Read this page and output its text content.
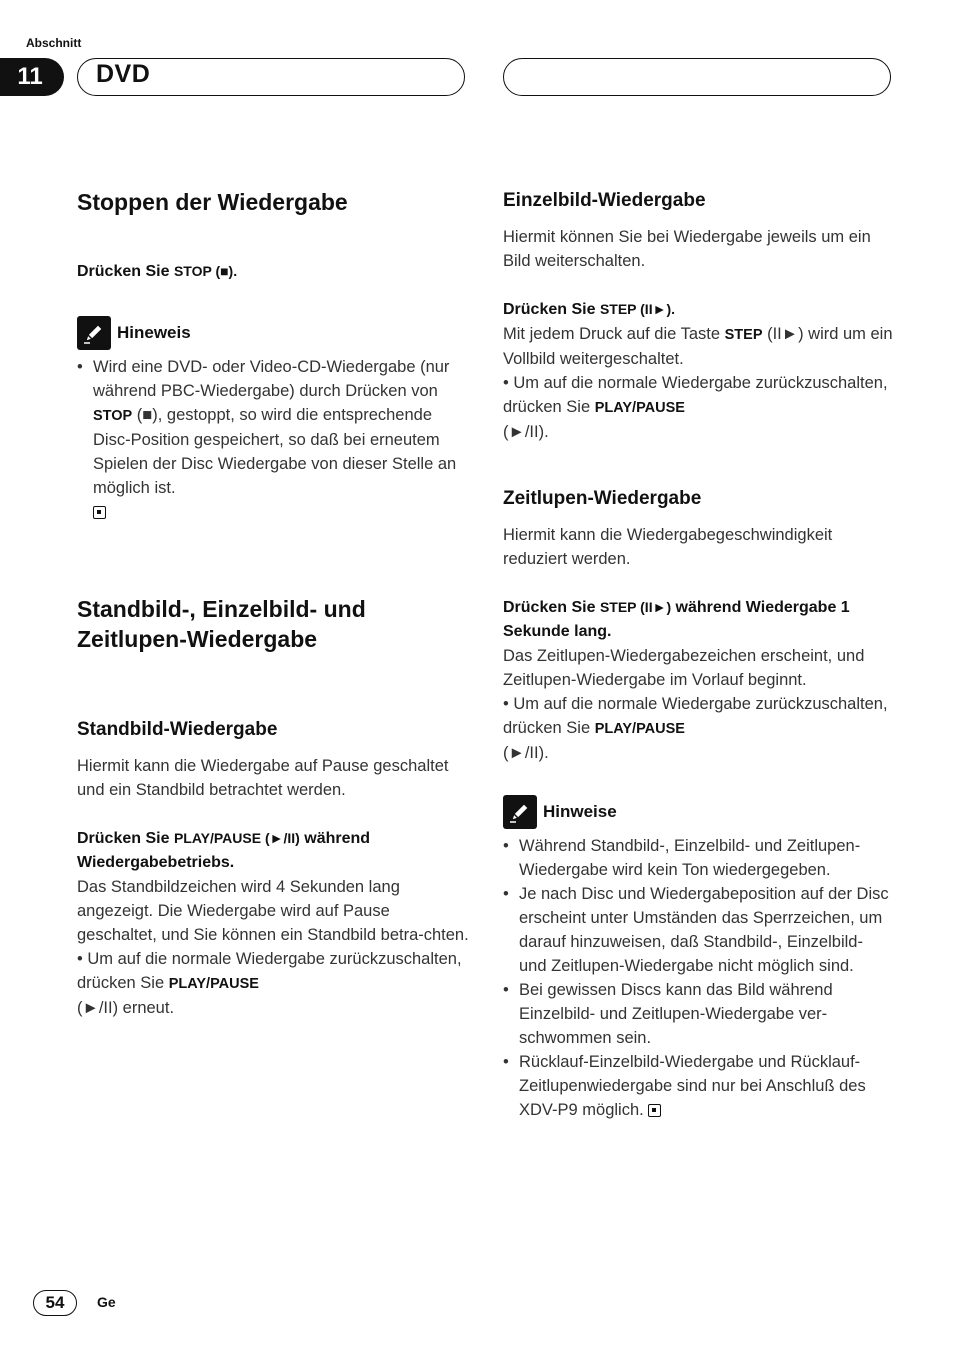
Abschnitt
11	DVD
Stoppen der Wiedergabe
Drücken Sie STOP (■).
Hineweis
• Wird eine DVD- oder Video-CD-Wiedergabe (nur während PBC-Wiedergabe) durch Drücken von STOP (■), gestoppt, so wird die entsprechende Disc-Position gespeichert, so daß bei erneutem Spielen der Disc Wiedergabe von dieser Stelle an möglich ist.

Standbild-, Einzelbild- und
Zeitlupen-Wiedergabe
Standbild-Wiedergabe

Hiermit kann die Wiedergabe auf Pause geschaltet und ein Standbild betrachtet werden.

Drücken Sie PLAY/PAUSE (►/II) während Wiedergabebetriebs.

Das Standbildzeichen wird 4 Sekunden lang angezeigt. Die Wiedergabe wird auf Pause geschaltet, und Sie können ein Standbild betra-chten.

• Um auf die normale Wiedergabe zurückzuschalten, drücken Sie PLAY/PAUSE
(►/II) erneut.

Einzelbild-Wiedergabe

Hiermit können Sie bei Wiedergabe jeweils um ein Bild weiterschalten.

Drücken Sie STEP (II►).

Mit jedem Druck auf die Taste STEP (II►) wird um ein Vollbild weitergeschaltet.

• Um auf die normale Wiedergabe zurückzuschalten, drücken Sie PLAY/PAUSE
(►/II).

Zeitlupen-Wiedergabe

Hiermit kann die Wiedergabegeschwindigkeit reduziert werden.

Drücken Sie STEP (II►) während Wiedergabe 1 Sekunde lang.

Das Zeitlupen-Wiedergabezeichen erscheint, und Zeitlupen-Wiedergabe im Vorlauf beginnt.

• Um auf die normale Wiedergabe zurückzuschalten, drücken Sie PLAY/PAUSE
(►/II).

Hinweise
• Während Standbild-, Einzelbild- und Zeitlupen-Wiedergabe wird kein Ton wiedergegeben.
• Je nach Disc und Wiedergabeposition auf der Disc erscheint unter Umständen das Sperrzeichen, um darauf hinzuweisen, daß Standbild-, Einzelbild- und Zeitlupen-Wiedergabe nicht möglich sind.
• Bei gewissen Discs kann das Bild während Einzelbild- und Zeitlupen-Wiedergabe ver-schwommen sein.
• Rücklauf-Einzelbild-Wiedergabe und Rücklauf-Zeitlupenwiedergabe sind nur bei Anschluß des XDV-P9 möglich.
54	Ge
